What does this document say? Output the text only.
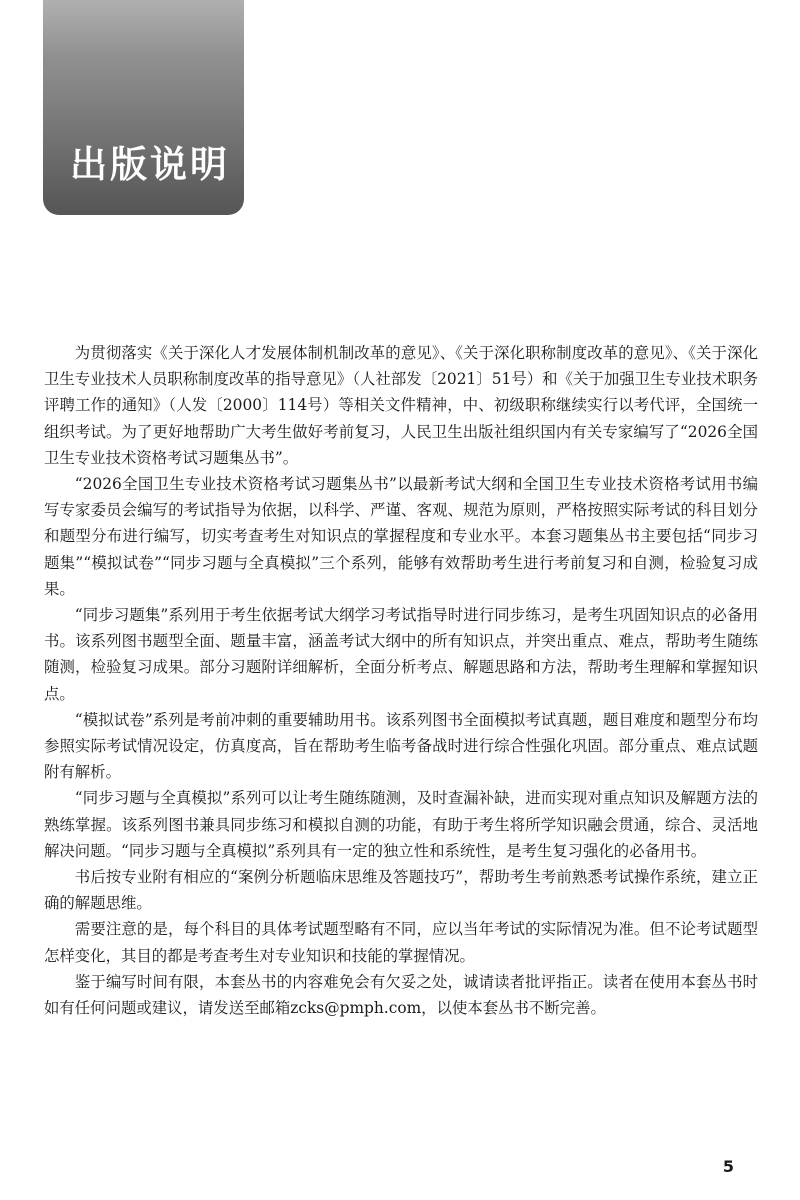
出版说明

为贯彻落实《关于深化人才发展体制机制改革的意见》、《关于深化职称制度改革的意见》、《关于深化卫生专业技术人员职称制度改革的指导意见》（人社部发〔2021〕51号）和《关于加强卫生专业技术职务评聘工作的通知》（人发〔2000〕114号）等相关文件精神，中、初级职称继续实行以考代评，全国统一组织考试。为了更好地帮助广大考生做好考前复习，人民卫生出版社组织国内有关专家编写了“2026全国卫生专业技术资格考试习题集丛书”。

“2026全国卫生专业技术资格考试习题集丛书”以最新考试大纲和全国卫生专业技术资格考试用书编写专家委员会编写的考试指导为依据，以科学、严谨、客观、规范为原则，严格按照实际考试的科目划分和题型分布进行编写，切实考查考生对知识点的掌握程度和专业水平。本套习题集丛书主要包括“同步习题集”“模拟试卷”“同步习题与全真模拟”三个系列，能够有效帮助考生进行考前复习和自测，检验复习成果。

“同步习题集”系列用于考生依据考试大纲学习考试指导时进行同步练习，是考生巩固知识点的必备用书。该系列图书题型全面、题量丰富，涵盖考试大纲中的所有知识点，并突出重点、难点，帮助考生随练随测，检验复习成果。部分习题附详细解析，全面分析考点、解题思路和方法，帮助考生理解和掌握知识点。

“模拟试卷”系列是考前冲刺的重要辅助用书。该系列图书全面模拟考试真题，题目难度和题型分布均参照实际考试情况设定，仿真度高，旨在帮助考生临考备战时进行综合性强化巩固。部分重点、难点试题附有解析。

“同步习题与全真模拟”系列可以让考生随练随测，及时查漏补缺，进而实现对重点知识及解题方法的熟练掌握。该系列图书兼具同步练习和模拟自测的功能，有助于考生将所学知识融会贯通，综合、灵活地解决问题。“同步习题与全真模拟”系列具有一定的独立性和系统性，是考生复习强化的必备用书。

书后按专业附有相应的“案例分析题临床思维及答题技巧”，帮助考生考前熟悉考试操作系统，建立正确的解题思维。

需要注意的是，每个科目的具体考试题型略有不同，应以当年考试的实际情况为准。但不论考试题型怎样变化，其目的都是考查考生对专业知识和技能的掌握情况。

鉴于编写时间有限，本套丛书的内容难免会有欠妥之处，诚请读者批评指正。读者在使用本套丛书时如有任何问题或建议，请发送至邮箱zcks@pmph.com，以使本套丛书不断完善。

5
